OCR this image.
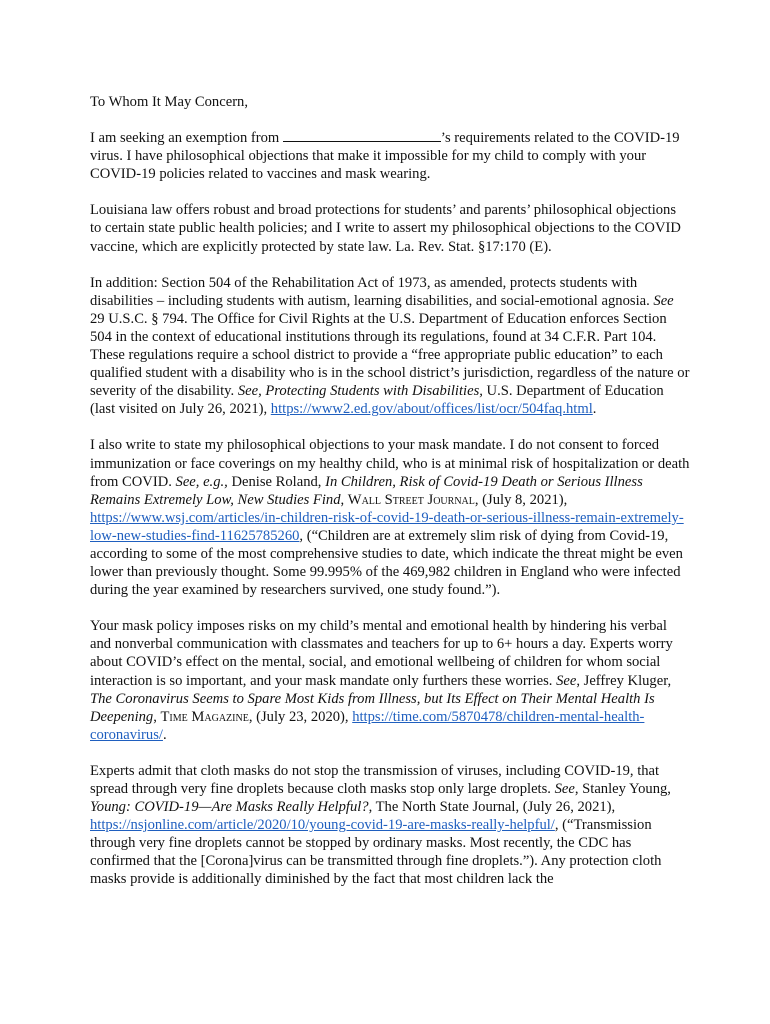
To Whom It May Concern,

I am seeking an exemption from	’s requirements related to the COVID-19 virus. I have philosophical objections that make it impossible for my child to comply with your COVID-19 policies related to vaccines and mask wearing.

Louisiana law offers robust and broad protections for students’ and parents’ philosophical objections to certain state public health policies; and I write to assert my philosophical objections to the COVID vaccine, which are explicitly protected by state law. La. Rev. Stat. §17:170 (E).

In addition: Section 504 of the Rehabilitation Act of 1973, as amended, protects students with disabilities – including students with autism, learning disabilities, and social-emotional agnosia. See 29 U.S.C. § 794. The Office for Civil Rights at the U.S. Department of Education enforces Section 504 in the context of educational institutions through its regulations, found at 34 C.F.R. Part 104. These regulations require a school district to provide a “free appropriate public education” to each qualified student with a disability who is in the school district’s jurisdiction, regardless of the nature or severity of the disability. See, Protecting Students with Disabilities, U.S. Department of Education (last visited on July 26, 2021), https://www2.ed.gov/about/offices/list/ocr/504faq.html.

I also write to state my philosophical objections to your mask mandate. I do not consent to forced immunization or face coverings on my healthy child, who is at minimal risk of hospitalization or death from COVID. See, e.g., Denise Roland, In Children, Risk of Covid-19 Death or Serious Illness Remains Extremely Low, New Studies Find, Wall Street Journal, (July 8, 2021), https://www.wsj.com/articles/in-children-risk-of-covid-19-death-or-serious-illness-remain-extremely-low-new-studies-find-11625785260, (“Children are at extremely slim risk of dying from Covid-19, according to some of the most comprehensive studies to date, which indicate the threat might be even lower than previously thought. Some 99.995% of the 469,982 children in England who were infected during the year examined by researchers survived, one study found.”).

Your mask policy imposes risks on my child’s mental and emotional health by hindering his verbal and nonverbal communication with classmates and teachers for up to 6+ hours a day. Experts worry about COVID’s effect on the mental, social, and emotional wellbeing of children for whom social interaction is so important, and your mask mandate only furthers these worries. See, Jeffrey Kluger, The Coronavirus Seems to Spare Most Kids from Illness, but Its Effect on Their Mental Health Is Deepening, Time Magazine, (July 23, 2020), https://time.com/5870478/children-mental-health-coronavirus/.

Experts admit that cloth masks do not stop the transmission of viruses, including COVID-19, that spread through very fine droplets because cloth masks stop only large droplets. See, Stanley Young, Young: COVID-19—Are Masks Really Helpful?, The North State Journal, (July 26, 2021), https://nsjonline.com/article/2020/10/young-covid-19-are-masks-really-helpful/, (“Transmission through very fine droplets cannot be stopped by ordinary masks. Most recently, the CDC has confirmed that the [Corona]virus can be transmitted through fine droplets.”). Any protection cloth masks provide is additionally diminished by the fact that most children lack the
